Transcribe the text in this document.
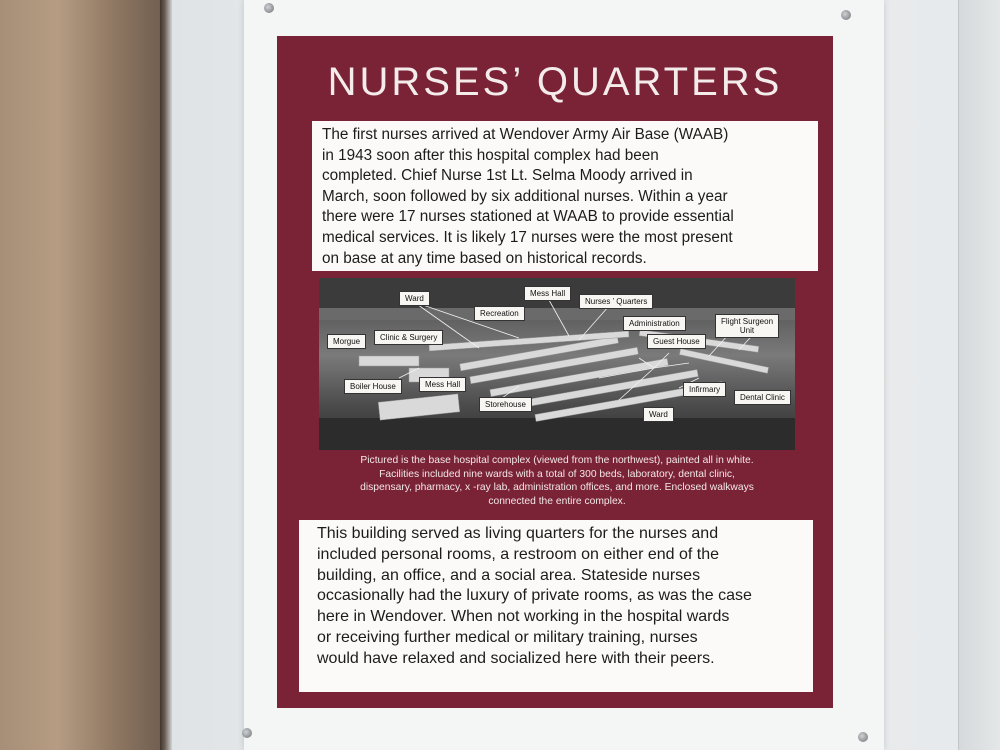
NURSES’ QUARTERS
The first nurses arrived at Wendover Army Air Base (WAAB)
in 1943 soon after this hospital complex had been
completed. Chief Nurse 1st Lt. Selma Moody arrived in
March, soon followed by six additional nurses. Within a year
there were 17 nurses stationed at WAAB to provide essential
medical services. It is likely 17 nurses were the most present
on base at any time based on historical records.
Ward
Mess Hall
Nurses ’ Quarters
Recreation
Administration	Flight Surgeon
Unit
Morgue	Clinic & Surgery	Guest House
Boiler House	Mess Hall
Storehouse
Infirmary
Dental Clinic
Ward
Pictured is the base hospital complex (viewed from the northwest), painted all in white.
Facilities included nine wards with a total of 300 beds, laboratory, dental clinic,
dispensary, pharmacy, x -ray lab, administration offices, and more. Enclosed walkways
connected the entire complex.
This building served as living quarters for the nurses and
included personal rooms, a restroom on either end of the
building, an office, and a social area. Stateside nurses
occasionally had the luxury of private rooms, as was the case
here in Wendover. When not working in the hospital wards
or receiving further medical or military training, nurses
would have relaxed and socialized here with their peers.
